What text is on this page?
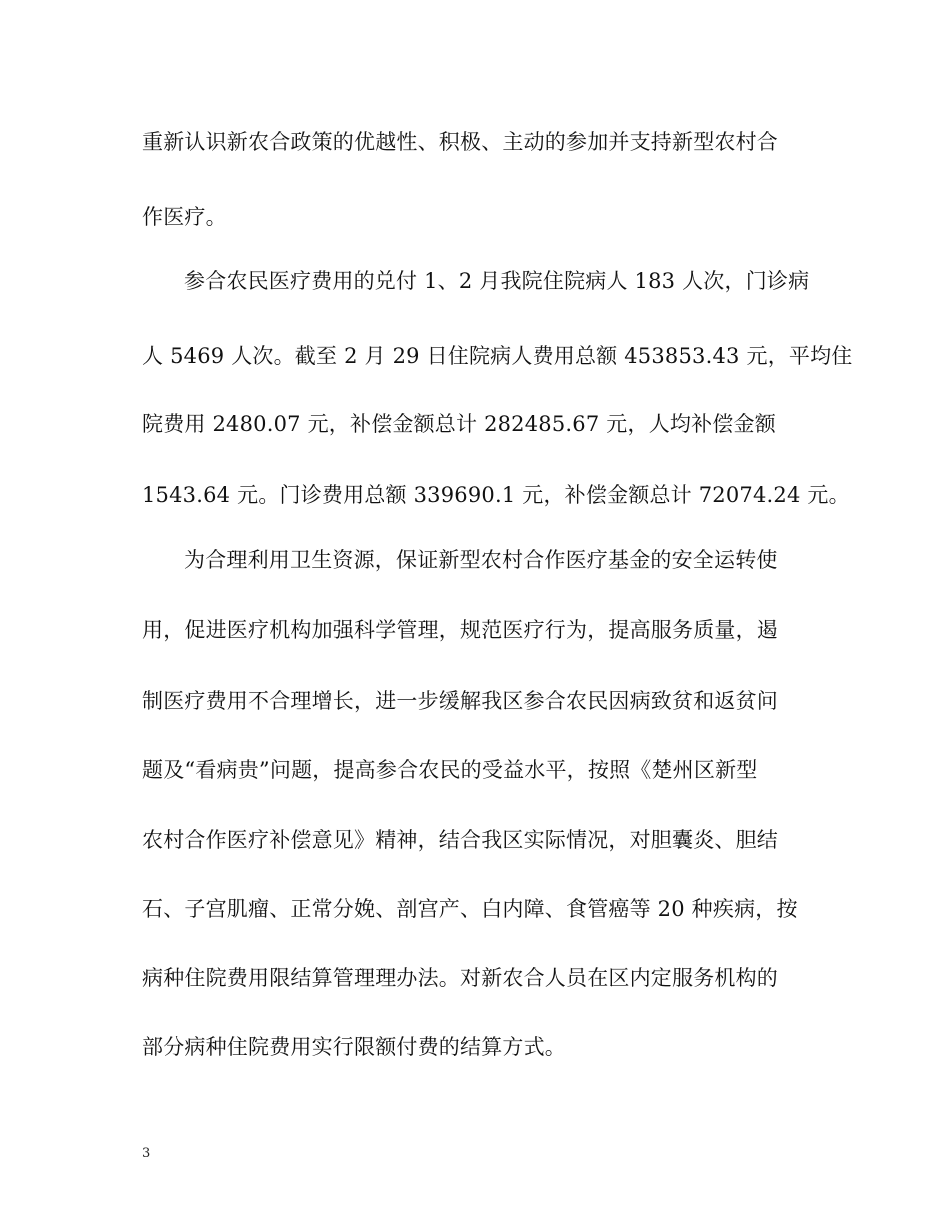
重新认识新农合政策的优越性、积极、主动的参加并支持新型农村合
作医疗。
参合农民医疗费用的兑付 1、2 月我院住院病人 183 人次，门诊病
人 5469 人次。截至 2 月 29 日住院病人费用总额 453853.43 元，平均住
院费用 2480.07 元，补偿金额总计 282485.67 元，人均补偿金额
1543.64 元。门诊费用总额 339690.1 元，补偿金额总计 72074.24 元。
为合理利用卫生资源，保证新型农村合作医疗基金的安全运转使
用，促进医疗机构加强科学管理，规范医疗行为，提高服务质量，遏
制医疗费用不合理增长，进一步缓解我区参合农民因病致贫和返贫问
题及“看病贵”问题，提高参合农民的受益水平，按照《楚州区新型
农村合作医疗补偿意见》精神，结合我区实际情况，对胆囊炎、胆结
石、子宫肌瘤、正常分娩、剖宫产、白内障、食管癌等 20 种疾病，按
病种住院费用限结算管理理办法。对新农合人员在区内定服务机构的
部分病种住院费用实行限额付费的结算方式。
3
